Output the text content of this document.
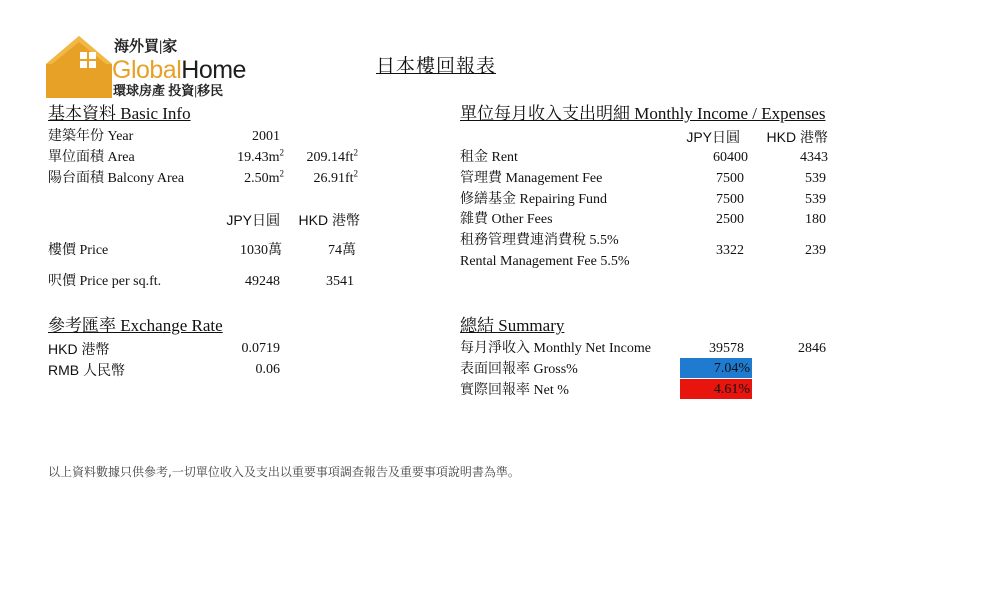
海外買|家
GlobalHome
環球房產 投資|移民
日本樓回報表
基本資料 Basic Info
建築年份 Year	2001
單位面積 Area	$19.43m^2$	$209.14ft^2$
陽台面積 Balcony Area	$2.50m^2$	$26.91ft^2$
JPY日圓	HKD 港幣
樓價 Price	1030萬	74萬
呎價 Price per sq.ft.	49248	3541
參考匯率 Exchange Rate
HKD 港幣	0.0719
RMB 人民幣	0.06
單位每月收入支出明細 Monthly Income / Expenses
JPY日圓	HKD 港幣
租金 Rent	60400	4343
管理費 Management Fee	7500	539
修繕基金 Repairing Fund	7500	539
雜費 Other Fees	2500	180
租務管理費連消費稅 5.5%
Rental Management Fee 5.5%
3322	239
總結 Summary
每月淨收入 Monthly Net Income	39578	2846
表面回報率 Gross%	7.04%
實際回報率 Net %	4.61%
以上資料數據只供參考,一切單位收入及支出以重要事項調查報告及重要事項說明書為準。
